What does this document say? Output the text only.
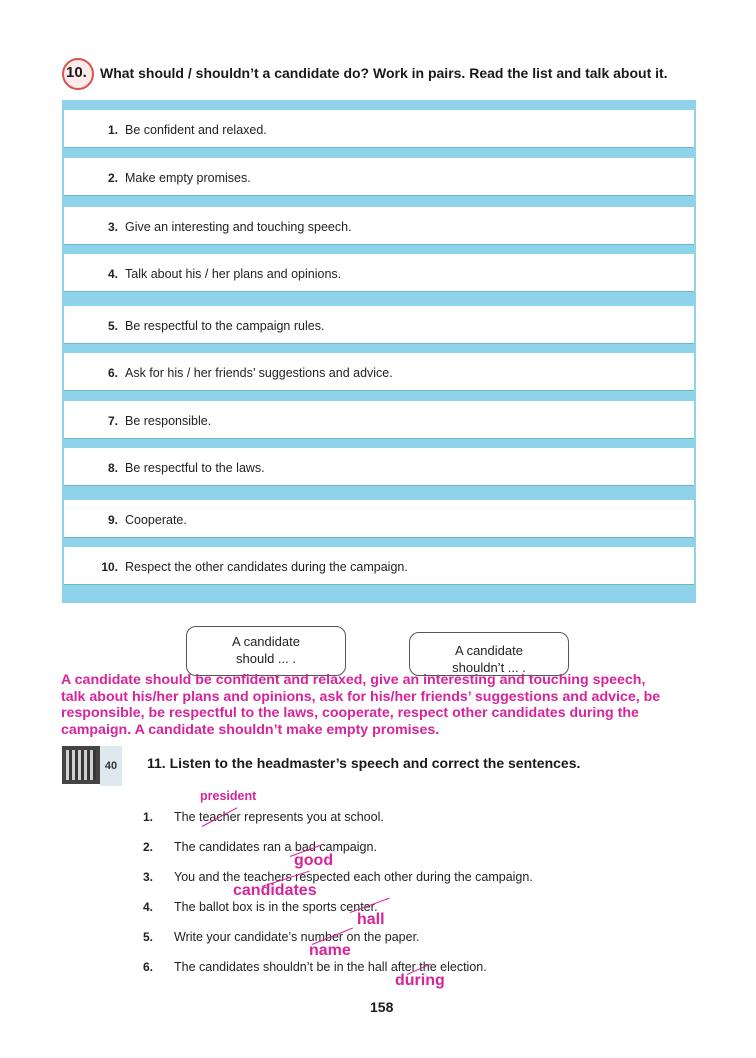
10. What should / shouldn’t a candidate do? Work in pairs. Read the list and talk about it.
1. Be confident and relaxed.
2. Make empty promises.
3. Give an interesting and touching speech.
4. Talk about his / her plans and opinions.
5. Be respectful to the campaign rules.
6. Ask for his / her friends’ suggestions and advice.
7. Be responsible.
8. Be respectful to the laws.
9. Cooperate.
10. Respect the other candidates during the campaign.
A candidate
should ... .
A candidate
shouldn’t ... .
A candidate should be confident and relaxed, give an interesting and touching speech,
talk about his/her plans and opinions, ask for his/her friends’ suggestions and advice, be
responsible, be respectful to the laws, cooperate, respect other candidates during the
campaign. A candidate shouldn’t make empty promises.
40	11. Listen to the headmaster’s speech and correct the sentences.
1. The teacher represents you at school.
2. The candidates ran a bad campaign.
3. You and the teachers respected each other during the campaign.
4. The ballot box is in the sports center.
5. Write your candidate’s number on the paper.
6. The candidates shouldn’t be in the hall after the election.
president
good
candidates
hall
name
during
158
